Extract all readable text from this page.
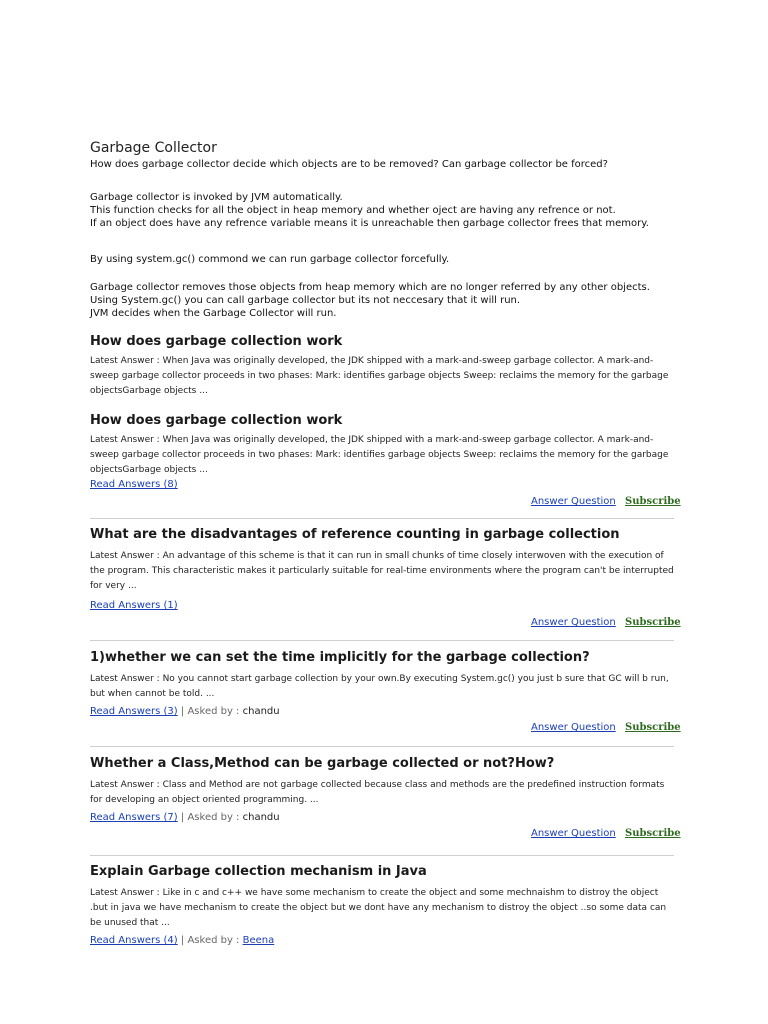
Garbage Collector
How does garbage collector decide which objects are to be removed? Can garbage collector be forced?
Garbage collector is invoked by JVM automatically.
This function checks for all the object in heap memory and whether oject are having any refrence or not.
If an object does have any refrence variable means it is unreachable then garbage collector frees that memory.
By using system.gc() commond we can run garbage collector forcefully.
Garbage collector removes those objects from heap memory which are no longer referred by any other objects.
Using System.gc() you can call garbage collector but its not neccesary that it will run.
JVM decides when the Garbage Collector will run.
How does garbage collection work
Latest Answer : When Java was originally developed, the JDK shipped with a mark-and-sweep garbage collector. A mark-and-sweep garbage collector proceeds in two phases: Mark: identifies garbage objects Sweep: reclaims the memory for the garbage objectsGarbage objects ...
How does garbage collection work
Latest Answer : When Java was originally developed, the JDK shipped with a mark-and-sweep garbage collector. A mark-and-sweep garbage collector proceeds in two phases: Mark: identifies garbage objects Sweep: reclaims the memory for the garbage objectsGarbage objects ...
Read Answers (8)
Answer Question Subscribe
What are the disadvantages of reference counting in garbage collection
Latest Answer : An advantage of this scheme is that it can run in small chunks of time closely interwoven with the execution of the program. This characteristic makes it particularly suitable for real-time environments where the program can't be interrupted for very ...
Read Answers (1)
Answer Question Subscribe
1)whether we can set the time implicitly for the garbage collection?
Latest Answer : No you cannot start garbage collection by your own.By executing System.gc() you just b sure that GC will b run, but when cannot be told. ...
Read Answers (3) | Asked by : chandu
Answer Question Subscribe
Whether a Class,Method can be garbage collected or not?How?
Latest Answer : Class and Method are not garbage collected because class and methods are the predefined instruction formats for developing an object oriented programming. ...
Read Answers (7) | Asked by : chandu
Answer Question Subscribe
Explain Garbage collection mechanism in Java
Latest Answer : Like in c and c++ we have some mechanism to create the object and some mechnaishm to distroy the object .but in java we have mechanism to create the object but we dont have any mechanism to distroy the object ..so some data can be unused that ...
Read Answers (4) | Asked by : Beena
